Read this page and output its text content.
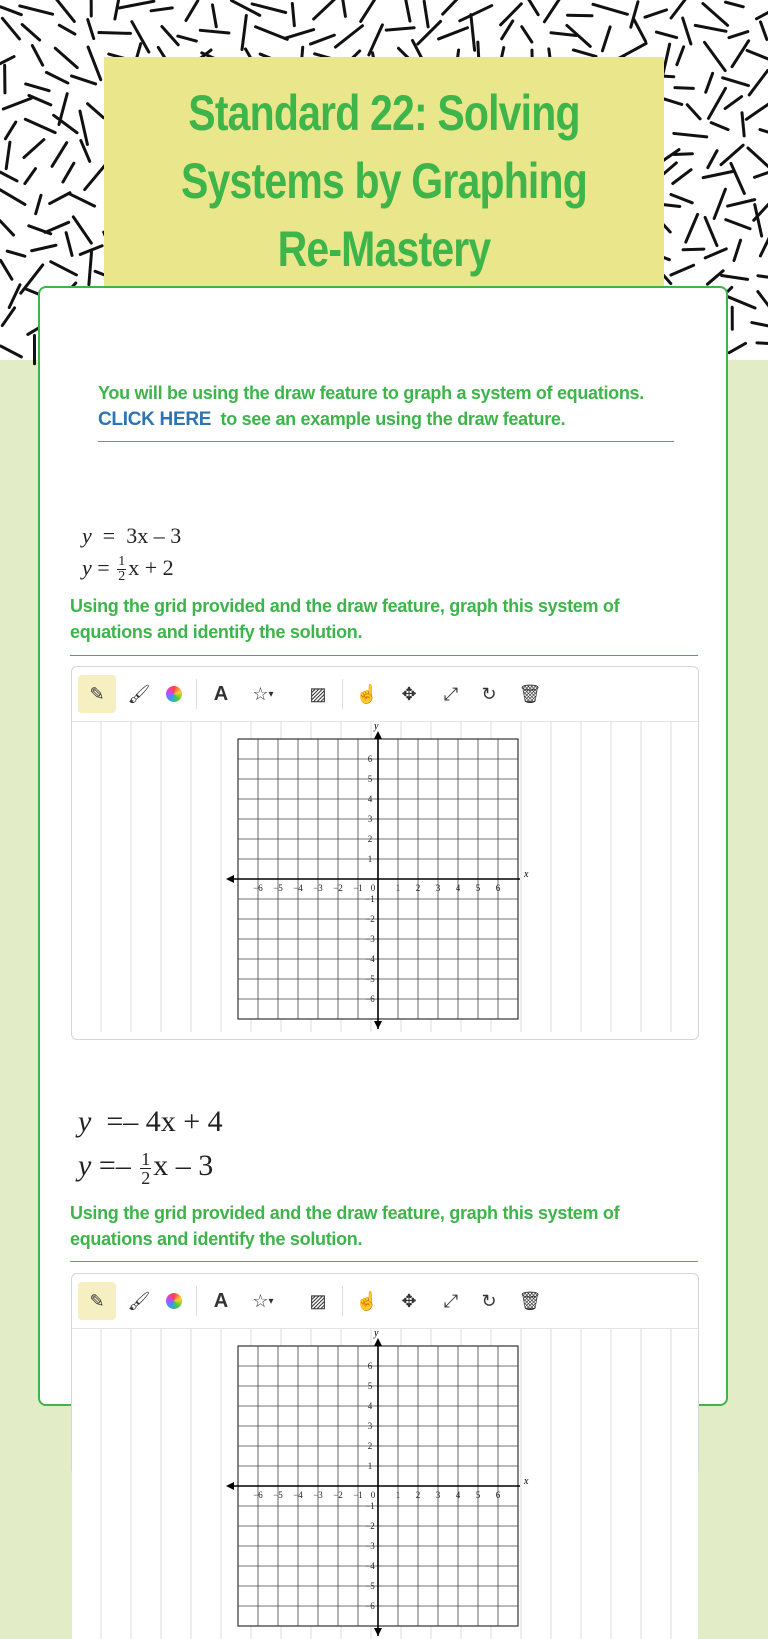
Standard 22: Solving
Systems by Graphing
Re-Mastery
You will be using the draw feature to graph a system of equations.  CLICK HERE to see an example using the draw feature.
y  =  3x – 3
$y = \frac{1}{2}$ x + 2
Using the grid provided and the draw feature, graph this system of equations and identify the solution.
✎	🖌	A	☆ ▾	▨	☝	✥	⤢	↻	🗑
x
y
−6 −5 −4 −3 −2 −1 0 1 2 3 4 5 6
6
5
4
3
2
1
−1
−2
−3
−4
−5
−6
y =– 4x + 4
$y =- \frac{1}{2}$ x – 3
Using the grid provided and the draw feature, graph this system of equations and identify the solution.
✎	🖌	A	☆ ▾	▨	☝	✥	⤢	↻	🗑
x
y
−6 −5 −4 −3 −2 −1 0 1 2 3 4 5 6
6
5
4
3
2
1
−1
−2
−3
−4
−5
−6
